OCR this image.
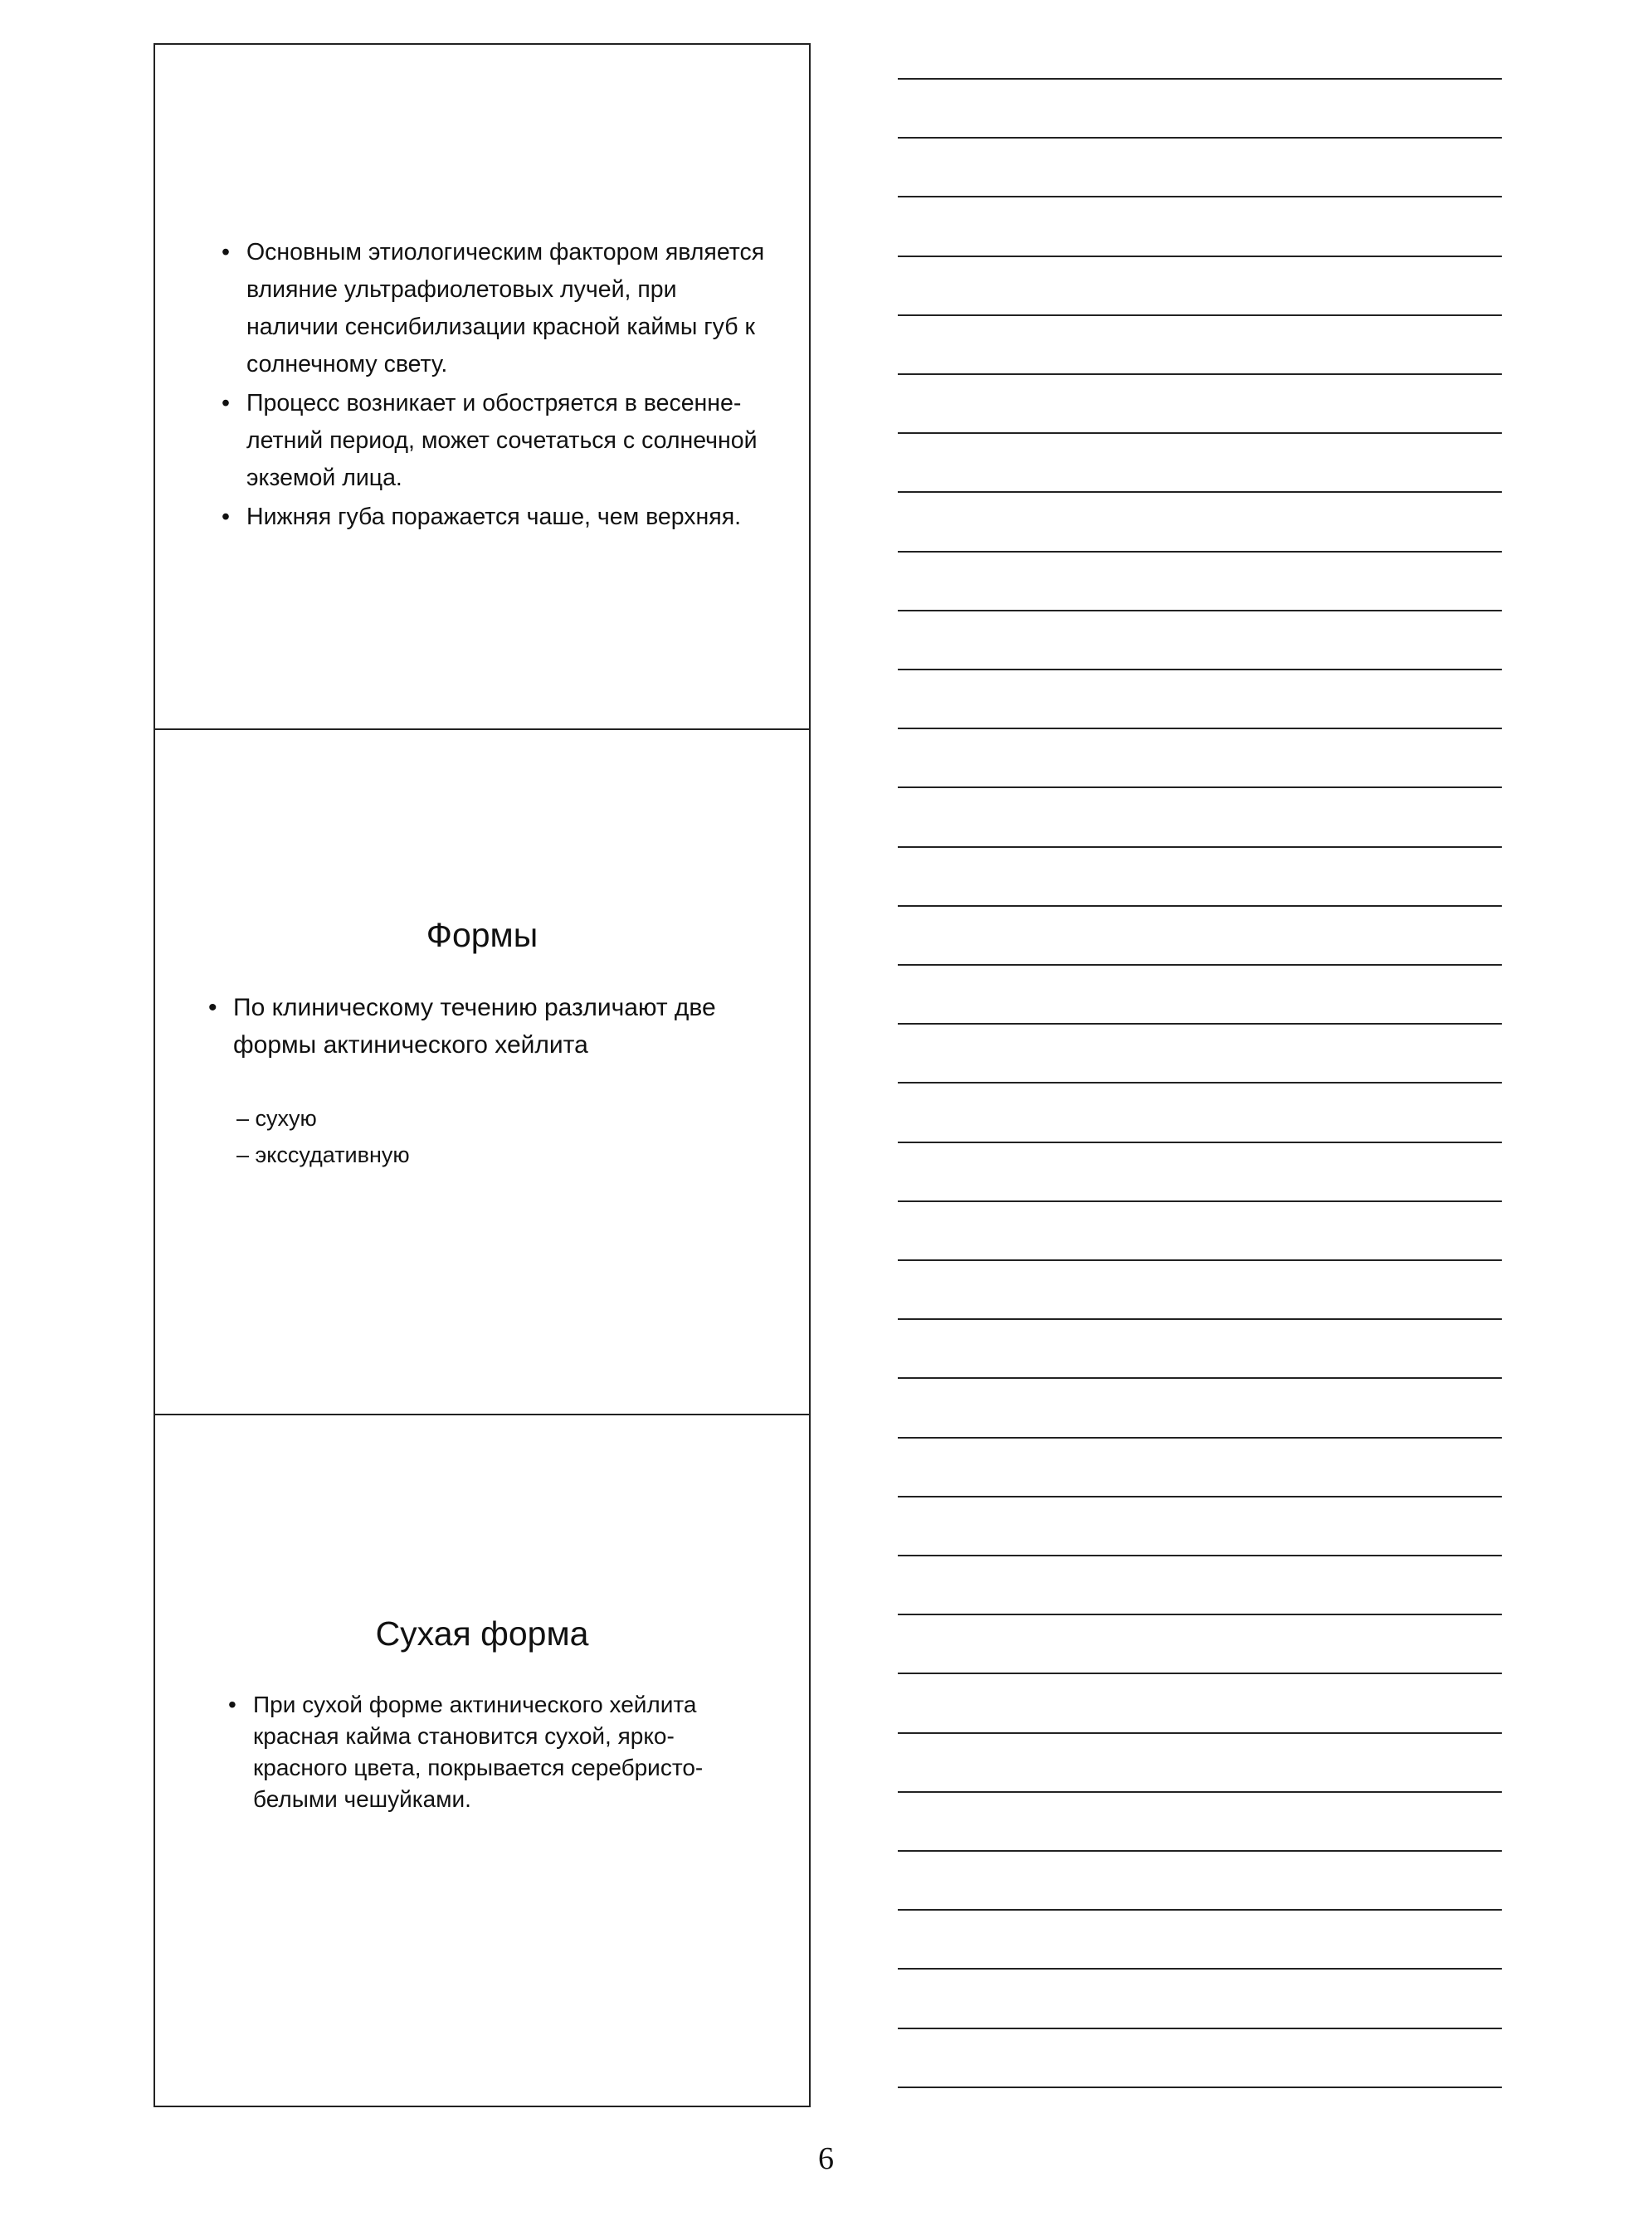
• Основным этиологическим фактором является влияние ультрафиолетовых лучей, при наличии сенсибилизации красной каймы губ к солнечному свету.
• Процесс возникает и обостряется в весенне-летний период, может сочетаться с солнечной экземой лица.
• Нижняя губа поражается чаше, чем верхняя.
Формы
• По клиническому течению различают две формы актинического хейлита
– сухую
– экссудативную
Сухая форма
• При сухой форме актинического хейлита красная кайма становится сухой, ярко-красного цвета, покрывается серебристо-белыми чешуйками.
6
